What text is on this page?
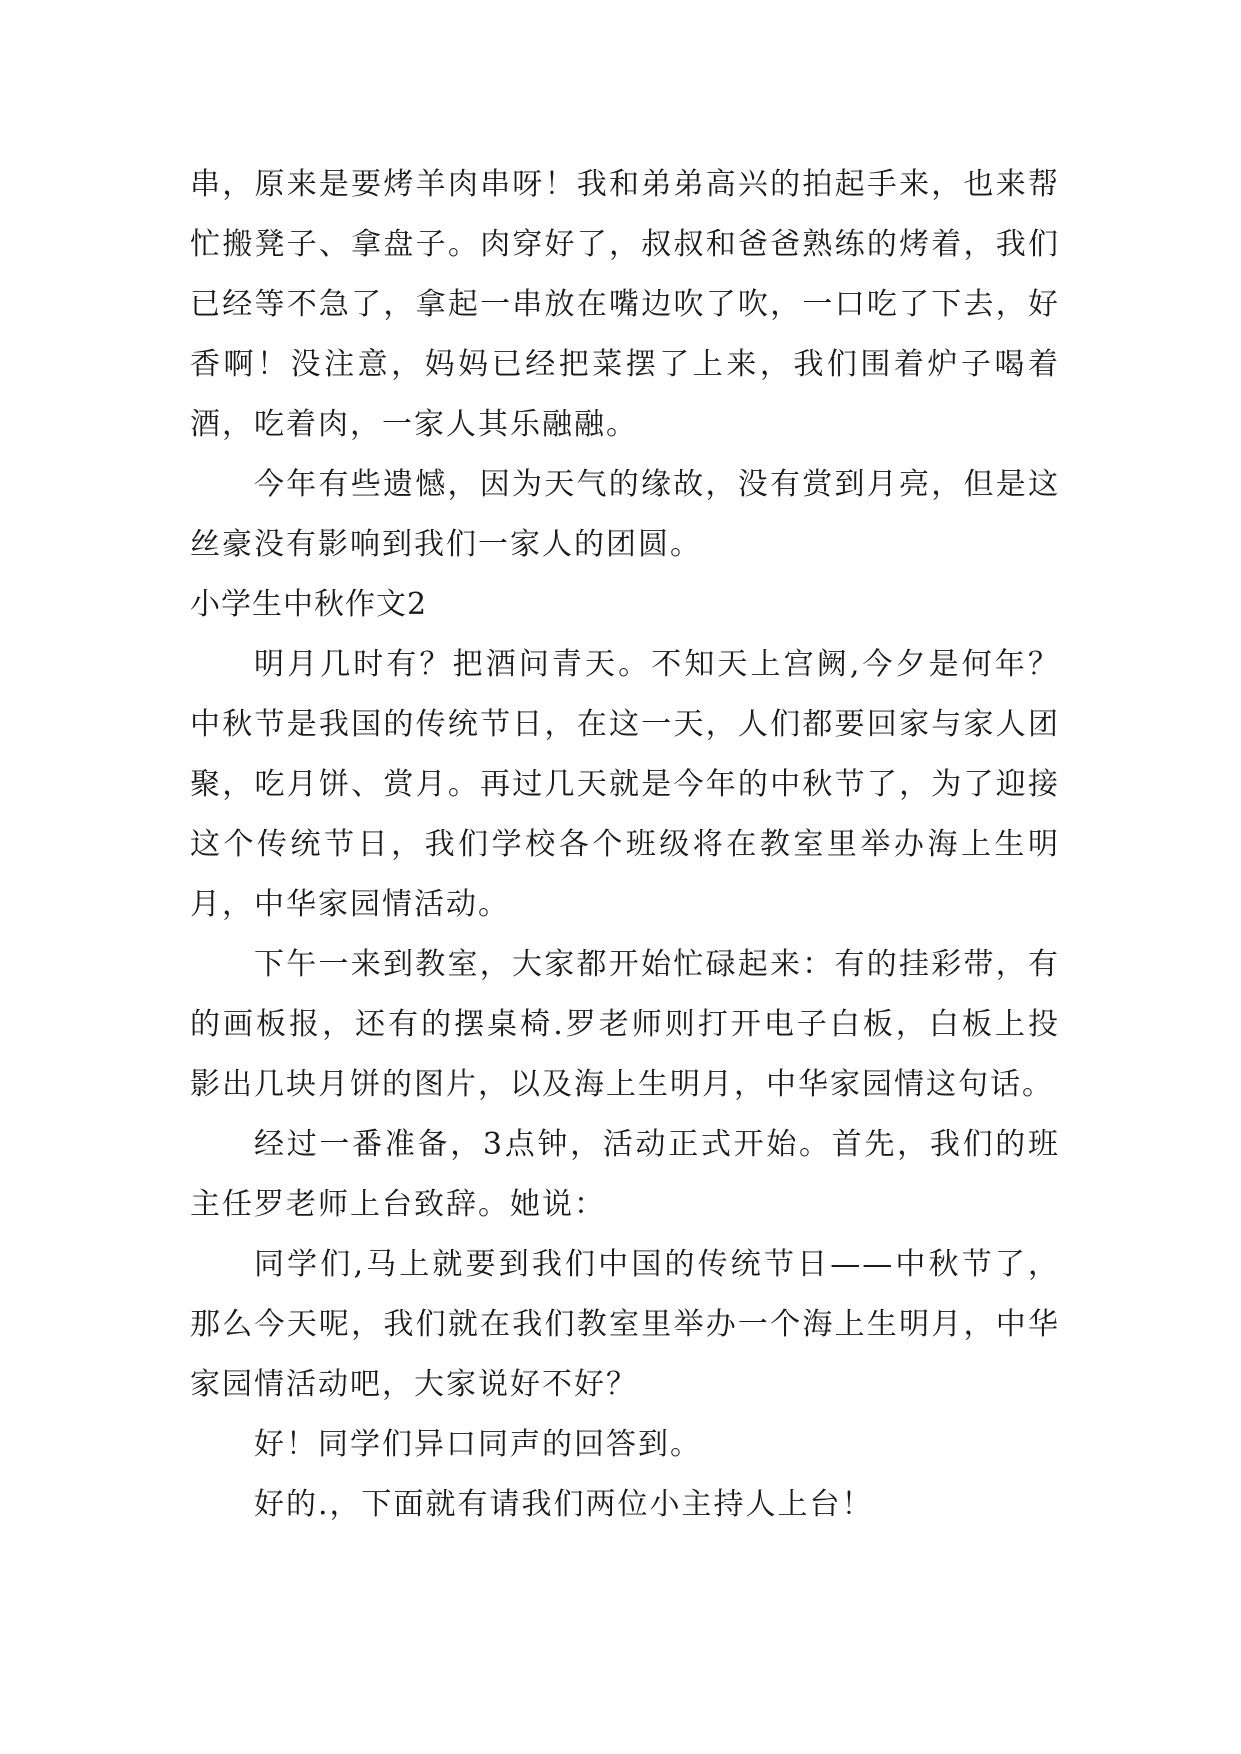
串，原来是要烤羊肉串呀！我和弟弟高兴的拍起手来，也来帮忙搬凳子、拿盘子。肉穿好了，叔叔和爸爸熟练的烤着，我们已经等不急了，拿起一串放在嘴边吹了吹，一口吃了下去，好香啊！没注意，妈妈已经把菜摆了上来，我们围着炉子喝着酒，吃着肉，一家人其乐融融。

今年有些遗憾，因为天气的缘故，没有赏到月亮，但是这丝豪没有影响到我们一家人的团圆。

小学生中秋作文2

明月几时有？把酒问青天。不知天上宫阙,今夕是何年？中秋节是我国的传统节日，在这一天，人们都要回家与家人团聚，吃月饼、赏月。再过几天就是今年的中秋节了，为了迎接这个传统节日，我们学校各个班级将在教室里举办海上生明月，中华家园情活动。

下午一来到教室，大家都开始忙碌起来：有的挂彩带，有的画板报，还有的摆桌椅.罗老师则打开电子白板，白板上投影出几块月饼的图片，以及海上生明月，中华家园情这句话。

经过一番准备，3点钟，活动正式开始。首先，我们的班主任罗老师上台致辞。她说：

同学们,马上就要到我们中国的传统节日——中秋节了，那么今天呢，我们就在我们教室里举办一个海上生明月，中华家园情活动吧，大家说好不好？

好！同学们异口同声的回答到。

好的.，下面就有请我们两位小主持人上台！
